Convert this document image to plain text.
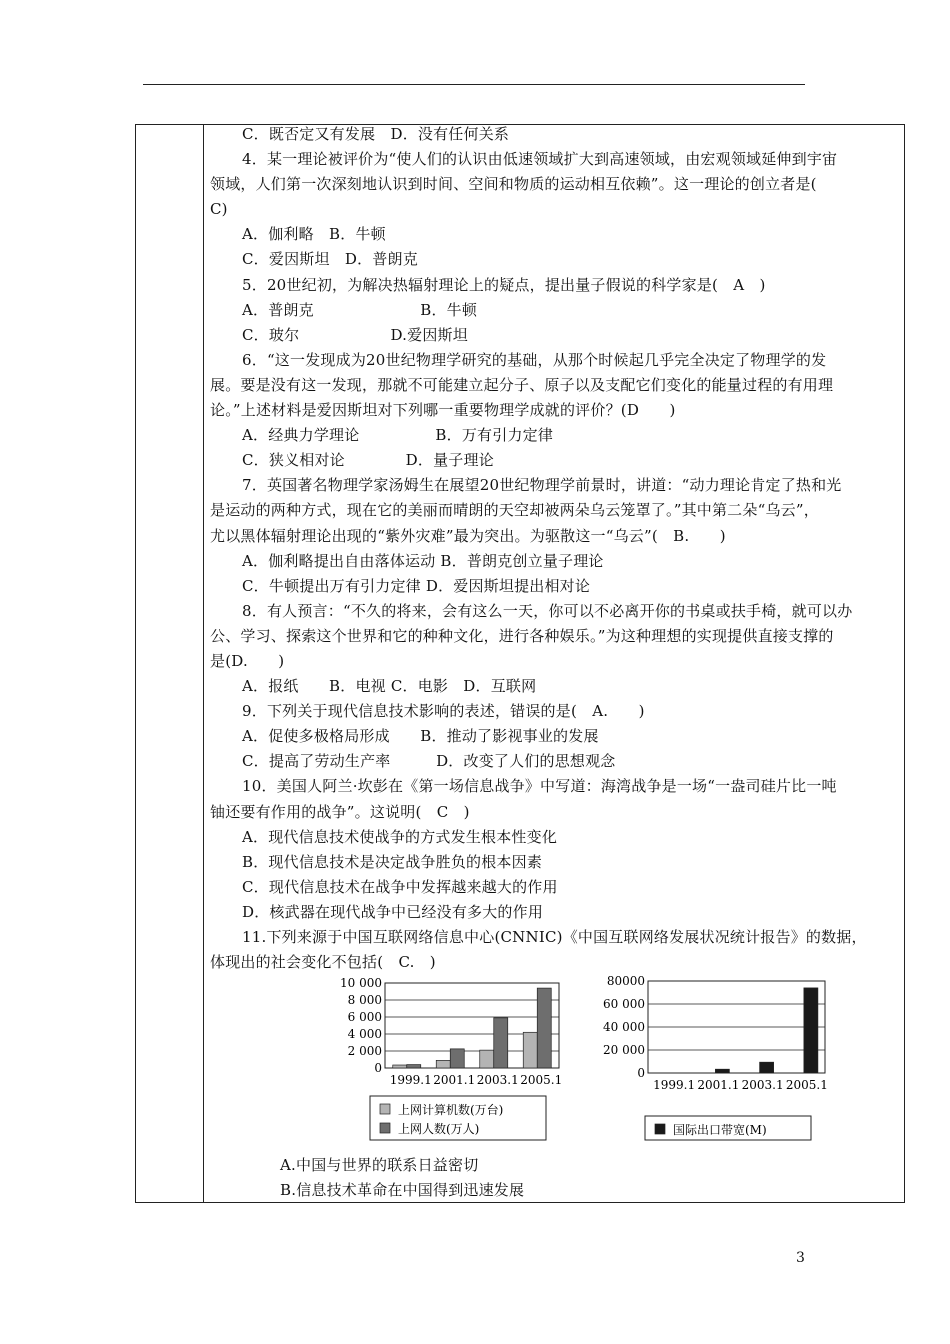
C．既否定又有发展　D．没有任何关系
4．某一理论被评价为“使人们的认识由低速领域扩大到高速领域，由宏观领域延伸到宇宙
领域，人们第一次深刻地认识到时间、空间和物质的运动相互依赖”。这一理论的创立者是(
C)
A．伽利略　B．牛顿
C．爱因斯坦　D．普朗克
5．20世纪初，为解决热辐射理论上的疑点，提出量子假说的科学家是(　A　)
A．普朗克　　　　　　　B．牛顿
C．玻尔　　　　　　D.爱因斯坦
6．“这一发现成为20世纪物理学研究的基础，从那个时候起几乎完全决定了物理学的发
展。要是没有这一发现，那就不可能建立起分子、原子以及支配它们变化的能量过程的有用理
论。”上述材料是爱因斯坦对下列哪一重要物理学成就的评价？(D　　)
A．经典力学理论　　　　　B．万有引力定律
C．狭义相对论　　　　D．量子理论
7．英国著名物理学家汤姆生在展望20世纪物理学前景时，讲道：“动力理论肯定了热和光
是运动的两种方式，现在它的美丽而晴朗的天空却被两朵乌云笼罩了。”其中第二朵“乌云”，
尤以黑体辐射理论出现的“紫外灾难”最为突出。为驱散这一“乌云”(　B.　　)
A．伽利略提出自由落体运动 B．普朗克创立量子理论
C．牛顿提出万有引力定律 D．爱因斯坦提出相对论
8．有人预言：“不久的将来，会有这么一天，你可以不必离开你的书桌或扶手椅，就可以办
公、学习、探索这个世界和它的种种文化，进行各种娱乐。”为这种理想的实现提供直接支撑的
是(D.　　)
A．报纸　　B．电视 C．电影　D．互联网
9．下列关于现代信息技术影响的表述，错误的是(　A.　　)
A．促使多极格局形成　　B．推动了影视事业的发展
C．提高了劳动生产率　　　D．改变了人们的思想观念
10．美国人阿兰·坎彭在《第一场信息战争》中写道：海湾战争是一场“一盎司硅片比一吨
铀还要有作用的战争”。这说明(　C　)
A．现代信息技术使战争的方式发生根本性变化
B．现代信息技术是决定战争胜负的根本因素
C．现代信息技术在战争中发挥越来越大的作用
D．核武器在现代战争中已经没有多大的作用
11.下列来源于中国互联网络信息中心(CNNIC)《中国互联网络发展状况统计报告》的数据，
体现出的社会变化不包括(　C.　)
0
2 000
4 000
6 000
8 000
10 000
1999.1 2001.1 2003.1 2005.1
上网计算机数(万台)
上网人数(万人)
0
20 000
40 000
60 000
80000
1999.1 2001.1 2003.1 2005.1
国际出口带宽(M)
A.中国与世界的联系日益密切
B.信息技术革命在中国得到迅速发展
3
